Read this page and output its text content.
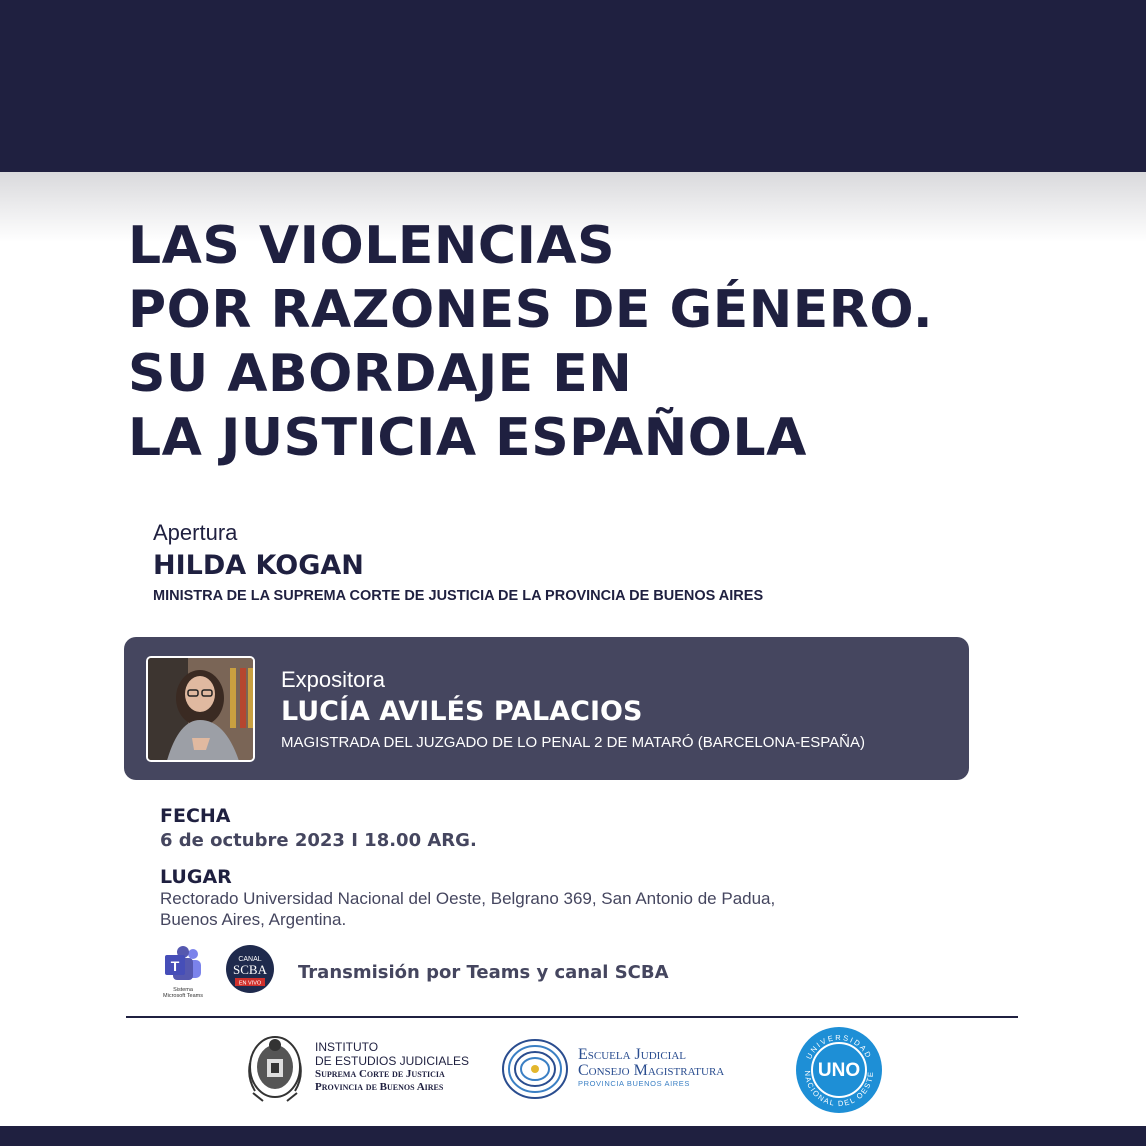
LAS VIOLENCIAS
POR RAZONES DE GÉNERO.
SU ABORDAJE EN
LA JUSTICIA ESPAÑOLA
Apertura
HILDA KOGAN
MINISTRA DE LA SUPREMA CORTE DE JUSTICIA DE LA PROVINCIA DE BUENOS AIRES
Expositora
LUCÍA AVILÉS PALACIOS
MAGISTRADA DEL JUZGADO DE LO PENAL 2 DE MATARÓ (BARCELONA-ESPAÑA)
FECHA
6 de octubre 2023 I 18.00 ARG.
LUGAR
Rectorado Universidad Nacional del Oeste, Belgrano 369, San Antonio de Padua,
Buenos Aires, Argentina.
T
Sistema
Microsoft Teams
CANAL
SCBA
EN VIVO
Transmisión por Teams y canal SCBA
INSTITUTO
DE ESTUDIOS JUDICIALES
Suprema Corte de Justicia
Provincia de Buenos Aires
Escuela Judicial
Consejo Magistratura
PROVINCIA BUENOS AIRES
UNIVERSIDAD
NACIONAL DEL OESTE
UNO
